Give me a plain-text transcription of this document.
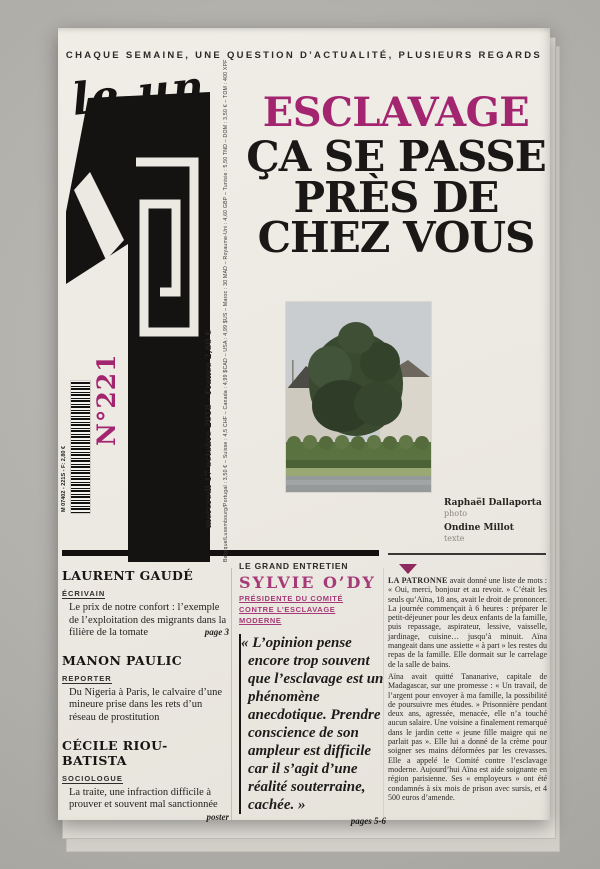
CHAQUE SEMAINE, UNE QUESTION D’ACTUALITÉ, PLUSIEURS REGARDS
le un
N°221
M 07402 - 221S - F: 2,80 €	mercredi 17 octobre 2018 - France 2,80 € Belgique/Luxembourg/Portugal : 3,50 € – Suisse : 4,5 CHF – Canada : 4,99 $CAD – USA : 4,99 $US – Maroc : 30 MAD – Royaume-Uni : 4,60 GBP – Tunisie : 5,50 TND – DOM : 3,50 € – TOM : 400 XPF ESCLAVAGE
ÇA SE PASSE
PRÈS DE
CHEZ VOUS
Raphaël Dallaporta
photo
Ondine Millot
texte
LAURENT GAUDÉ
ÉCRIVAIN
Le prix de notre confort : l’exemple de l’exploitation des migrants dans la filière de la tomate	page 3
MANON PAULIC
REPORTER
Du Nigeria à Paris, le calvaire d’une mineure prise dans les rets d’un réseau de prostitution
CÉCILE RIOU-BATISTA
SOCIOLOGUE
La traite, une infraction difficile à prouver et souvent mal sanctionnée
poster
LE GRAND ENTRETIEN
SYLVIE O’DY
PRÉSIDENTE DU COMITÉ CONTRE L’ESCLAVAGE MODERNE
« L’opinion pense encore trop souvent que l’esclavage est un phénomène anecdotique. Prendre conscience de son ampleur est difficile car il s’agit d’une réalité souterraine, cachée. »
pages 5-6

LA PATRONNE avait donné une liste de mots : « Oui, merci, bonjour et au revoir. » C’était les seuls qu’Aïna, 18 ans, avait le droit de prononcer. La journée commençait à 6 heures : préparer le petit-déjeuner pour les deux enfants de la famille, puis repassage, aspirateur, lessive, vaisselle, jardinage, cuisine… jusqu’à minuit. Aïna mangeait dans une assiette « à part » les restes du repas de la famille. Elle dormait sur le carrelage de la salle de bains.

Aïna avait quitté Tananarive, capitale de Madagascar, sur une promesse : « Un travail, de l’argent pour envoyer à ma famille, la possibilité de poursuivre mes études. » Prisonnière pendant deux ans, agressée, menacée, elle n’a touché aucun salaire. Une voisine a finalement remarqué dans le jardin cette « jeune fille maigre qui ne parlait pas ». Elle lui a donné de la crème pour soigner ses mains déformées par les crevasses. Elle a appelé le Comité contre l’esclavage moderne. Aujourd’hui Aïna est aide soignante en région parisienne. Ses « employeurs » ont été condamnés à six mois de prison avec sursis, et 4 500 euros d’amende.
